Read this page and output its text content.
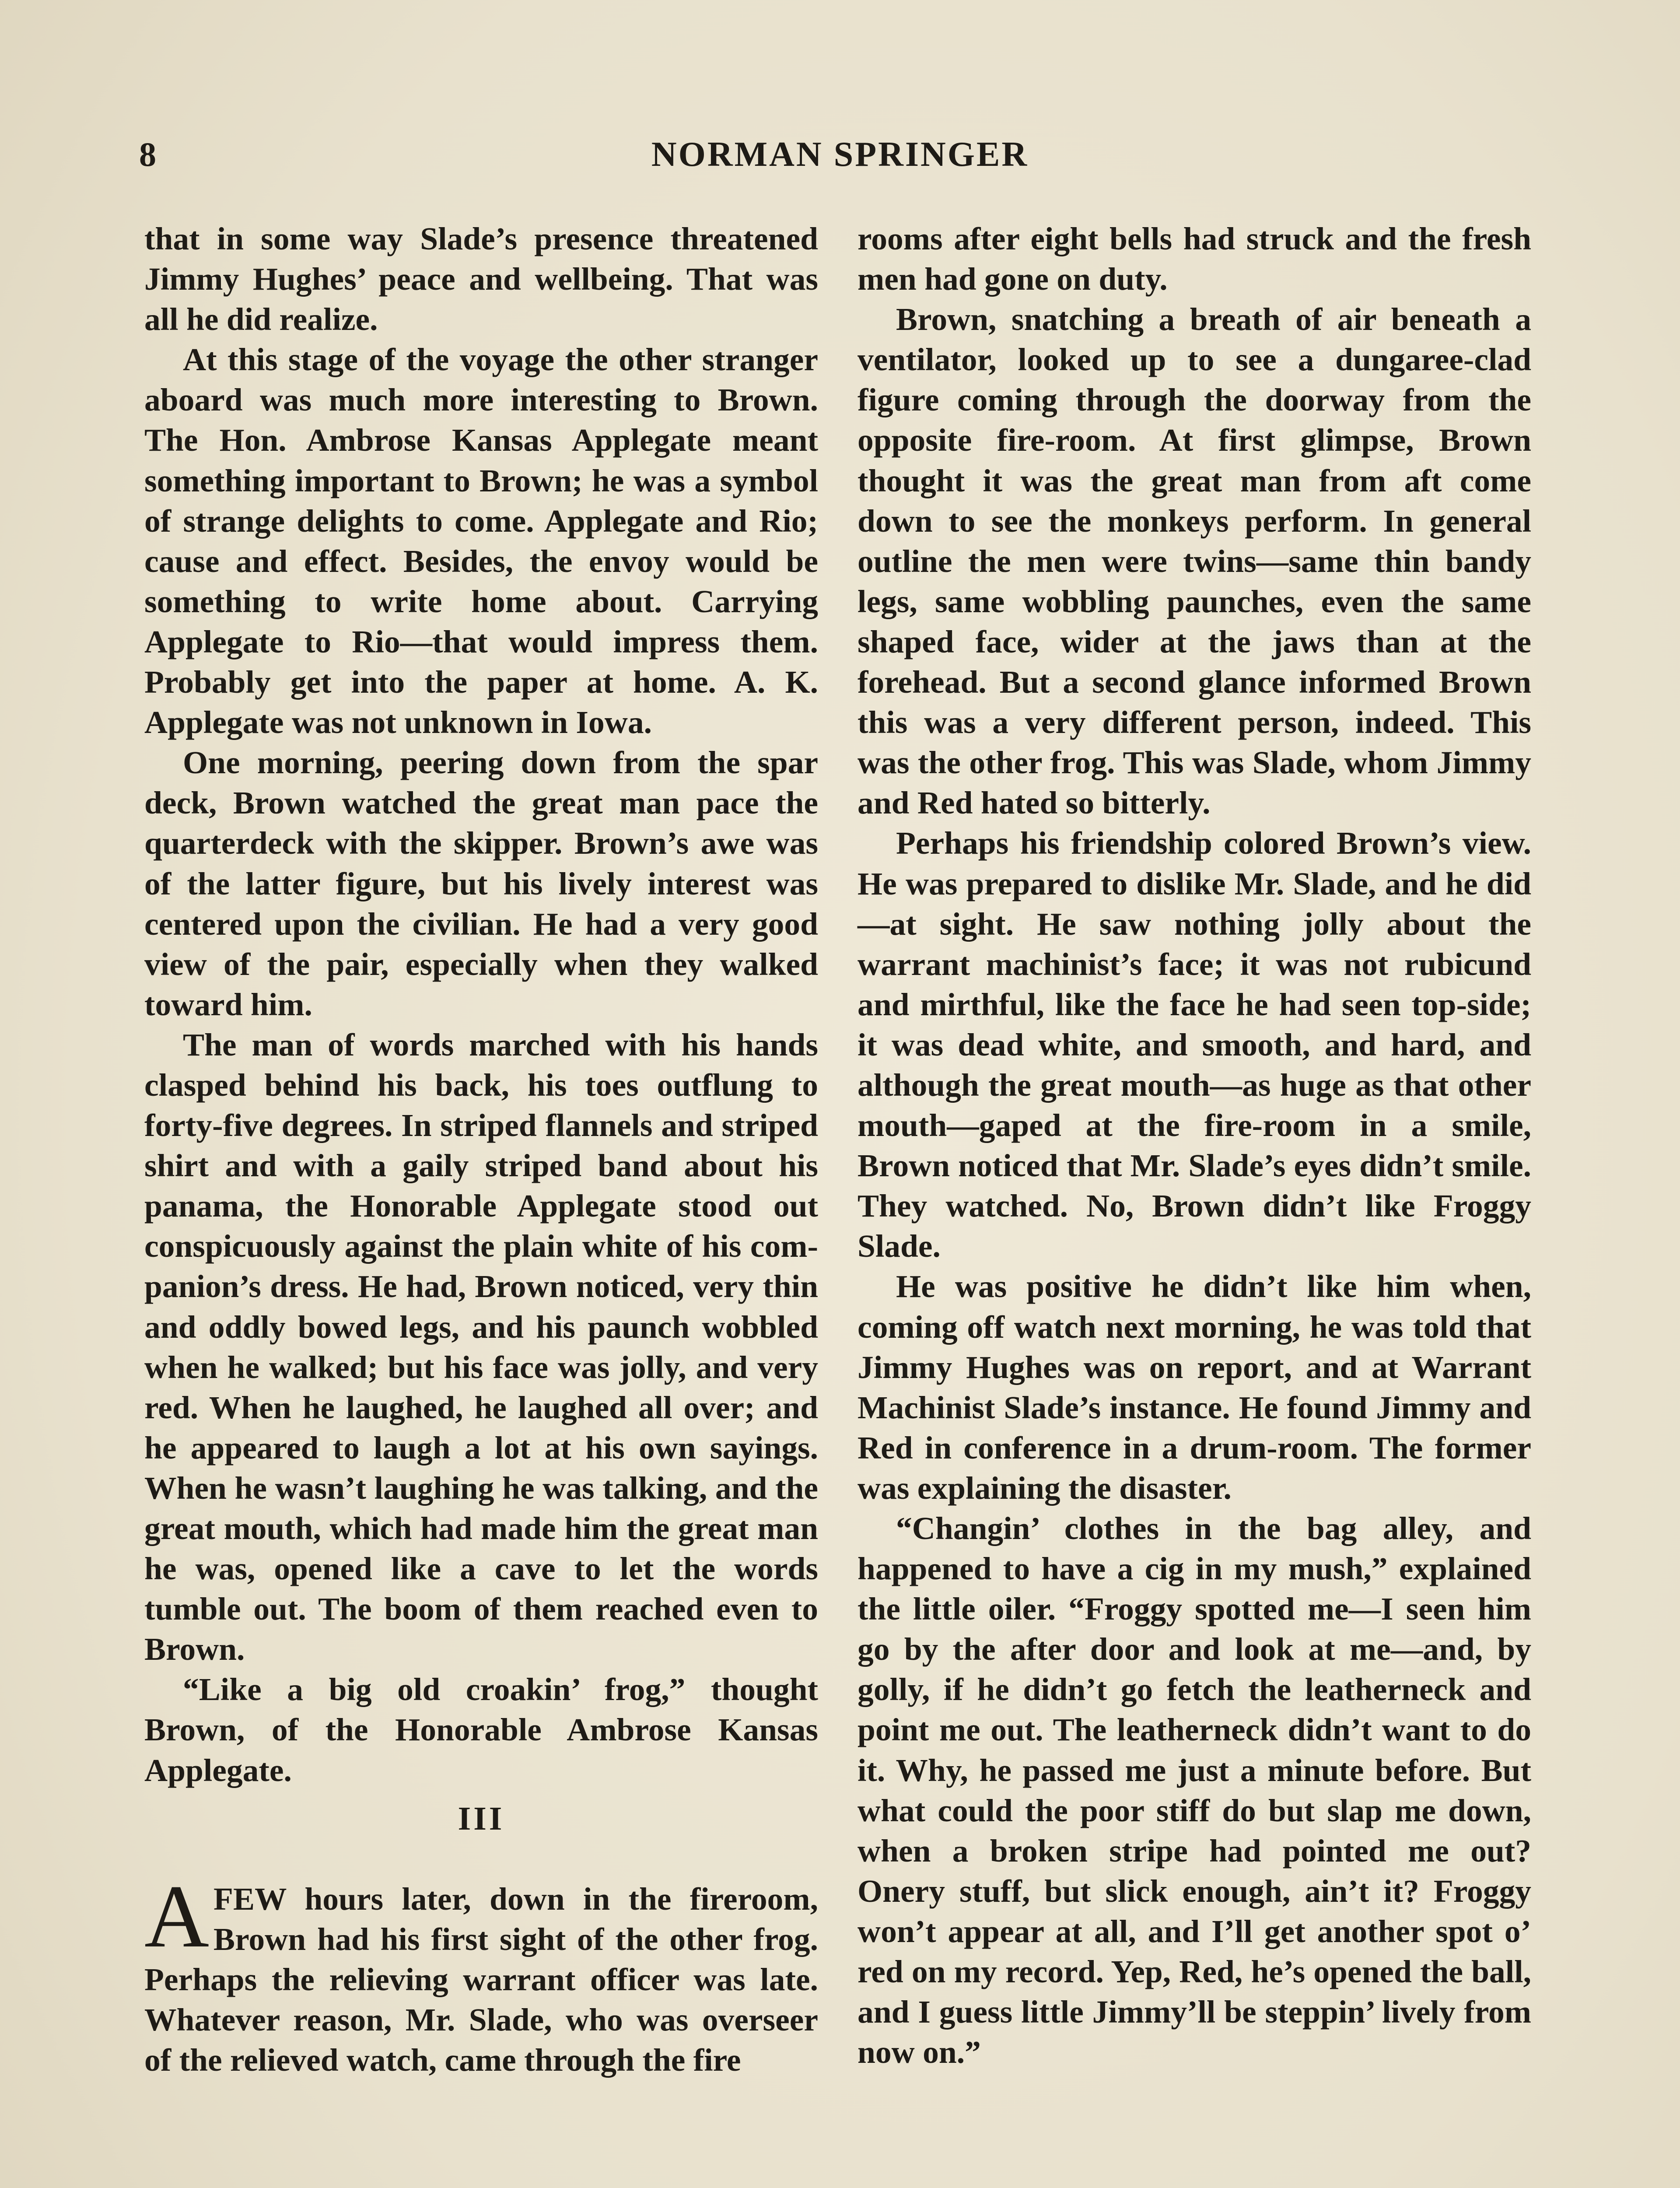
8	NORMAN SPRINGER

that in some way Slade’s presence threatened Jimmy Hughes’ peace and wellbeing. That was all he did realize.

At this stage of the voyage the other stranger aboard was much more interesting to Brown. The Hon. Ambrose Kansas Applegate meant something important to Brown; he was a symbol of strange delights to come. Applegate and Rio; cause and effect. Besides, the envoy would be something to write home about. Carrying Applegate to Rio—that would impress them. Probably get into the paper at home. A. K. Applegate was not unknown in Iowa.

One morning, peering down from the spar deck, Brown watched the great man pace the quarterdeck with the skipper. Brown’s awe was of the latter figure, but his lively interest was centered upon the civilian. He had a very good view of the pair, especially when they walked toward him.

The man of words marched with his hands clasped behind his back, his toes outflung to forty-five degrees. In striped flannels and striped shirt and with a gaily striped band about his panama, the Honorable Applegate stood out conspicuously against the plain white of his companion’s dress. He had, Brown noticed, very thin and oddly bowed legs, and his paunch wobbled when he walked; but his face was jolly, and very red. When he laughed, he laughed all over; and he appeared to laugh a lot at his own sayings. When he wasn’t laughing he was talking, and the great mouth, which had made him the great man he was, opened like a cave to let the words tumble out. The boom of them reached even to Brown.

“Like a big old croakin’ frog,” thought Brown, of the Honorable Ambrose Kansas Applegate.

III

AFEW hours later, down in the fireroom, Brown had his first sight of the other frog. Perhaps the relieving warrant officer was late. Whatever reason, Mr. Slade, who was overseer of the relieved watch, came through the fire

rooms after eight bells had struck and the fresh men had gone on duty.

Brown, snatching a breath of air beneath a ventilator, looked up to see a dungaree-clad figure coming through the doorway from the opposite fire-room. At first glimpse, Brown thought it was the great man from aft come down to see the monkeys perform. In general outline the men were twins—same thin bandy legs, same wobbling paunches, even the same shaped face, wider at the jaws than at the forehead. But a second glance informed Brown this was a very different person, indeed. This was the other frog. This was Slade, whom Jimmy and Red hated so bitterly.

Perhaps his friendship colored Brown’s view. He was prepared to dislike Mr. Slade, and he did—at sight. He saw nothing jolly about the warrant machinist’s face; it was not rubicund and mirthful, like the face he had seen top-side; it was dead white, and smooth, and hard, and although the great mouth—as huge as that other mouth—gaped at the fire-room in a smile, Brown noticed that Mr. Slade’s eyes didn’t smile. They watched. No, Brown didn’t like Froggy Slade.

He was positive he didn’t like him when, coming off watch next morning, he was told that Jimmy Hughes was on report, and at Warrant Machinist Slade’s instance. He found Jimmy and Red in conference in a drum-room. The former was explaining the disaster.

“Changin’ clothes in the bag alley, and happened to have a cig in my mush,” explained the little oiler. “Froggy spotted me—I seen him go by the after door and look at me—and, by golly, if he didn’t go fetch the leatherneck and point me out. The leatherneck didn’t want to do it. Why, he passed me just a minute before. But what could the poor stiff do but slap me down, when a broken stripe had pointed me out? Onery stuff, but slick enough, ain’t it? Froggy won’t appear at all, and I’ll get another spot o’ red on my record. Yep, Red, he’s opened the ball, and I guess little Jimmy’ll be steppin’ lively from now on.”
